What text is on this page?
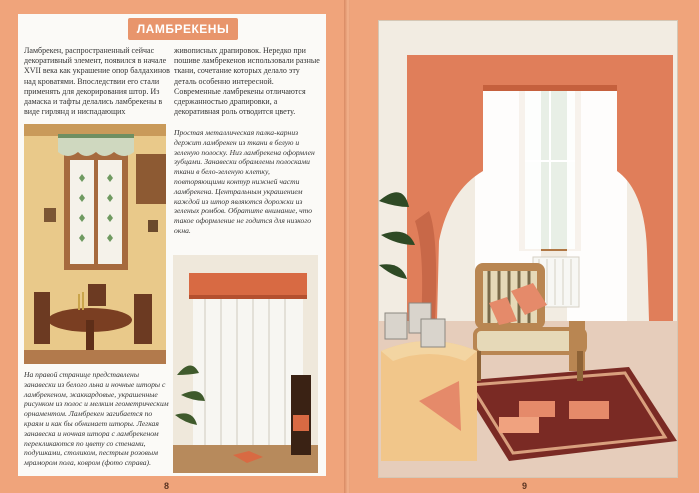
ЛАМБРЕКЕНЫ

Ламбрекен, распространенный сейчас декоративный элемент, появился в начале XVII века как украшение опор балдахинов над кроватями. Впоследствии его стали применять для декорирования штор. Из дамаска и тафты делались ламбрекены в виде гирлянд и ниспадающих

живописных драпировок. Нередко при пошиве ламбрекенов использовали разные ткани, сочетание которых делало эту деталь особенно интересной. Современные ламбрекены отличаются сдержанностью драпировки, а декоративная роль отводится цвету.

Простая металлическая палка-карниз держит ламбрекен из ткани в белую и зеленую полоску. Низ ламбрекена оформлен зубцами. Занавески обрамлены полосками ткани в бело-зеленую клетку, повторяющими контур нижней части ламбрекена. Центральным украшением каждой из штор являются дорожки из зеленых ромбов. Обратите внимание, что такое оформление не годится для низкого окна.
На правой странице представлены занавески из белого льна и ночные шторы с ламбрекеном, жаккардовые, украшенные рисунком из полос и мелким геометрическим орнаментом. Ламбрекен загибается по краям и как бы обнимает шторы. Легкая занавеска и ночная штора с ламбрекеном перекликаются по цвету со стенами, подушками, столиком, пестрым розовым мрамором пола, ковром (фото справа).
8	9
